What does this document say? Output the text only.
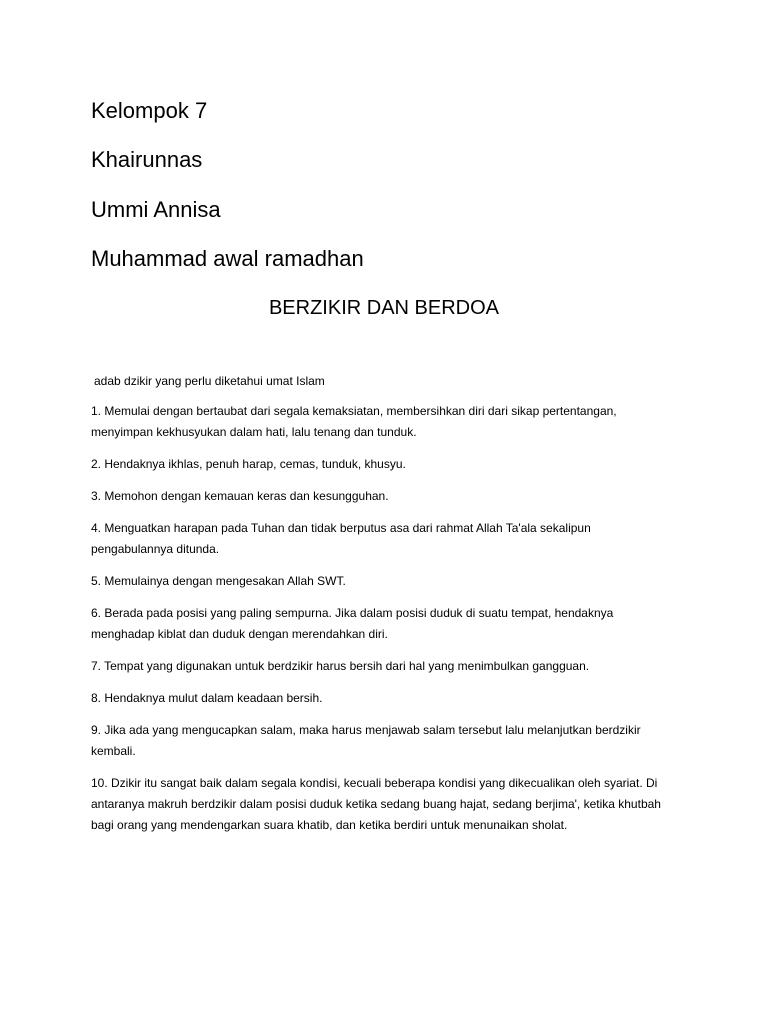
Kelompok 7
Khairunnas
Ummi Annisa
Muhammad awal ramadhan
BERZIKIR DAN BERDOA

adab dzikir yang perlu diketahui umat Islam

1. Memulai dengan bertaubat dari segala kemaksiatan, membersihkan diri dari sikap pertentangan, menyimpan kekhusyukan dalam hati, lalu tenang dan tunduk.

2. Hendaknya ikhlas, penuh harap, cemas, tunduk, khusyu.

3. Memohon dengan kemauan keras dan kesungguhan.

4. Menguatkan harapan pada Tuhan dan tidak berputus asa dari rahmat Allah Ta'ala sekalipun pengabulannya ditunda.

5. Memulainya dengan mengesakan Allah SWT.

6. Berada pada posisi yang paling sempurna. Jika dalam posisi duduk di suatu tempat, hendaknya menghadap kiblat dan duduk dengan merendahkan diri.

7. Tempat yang digunakan untuk berdzikir harus bersih dari hal yang menimbulkan gangguan.

8. Hendaknya mulut dalam keadaan bersih.

9. Jika ada yang mengucapkan salam, maka harus menjawab salam tersebut lalu melanjutkan berdzikir kembali.

10. Dzikir itu sangat baik dalam segala kondisi, kecuali beberapa kondisi yang dikecualikan oleh syariat. Di antaranya makruh berdzikir dalam posisi duduk ketika sedang buang hajat, sedang berjima', ketika khutbah bagi orang yang mendengarkan suara khatib, dan ketika berdiri untuk menunaikan sholat.
